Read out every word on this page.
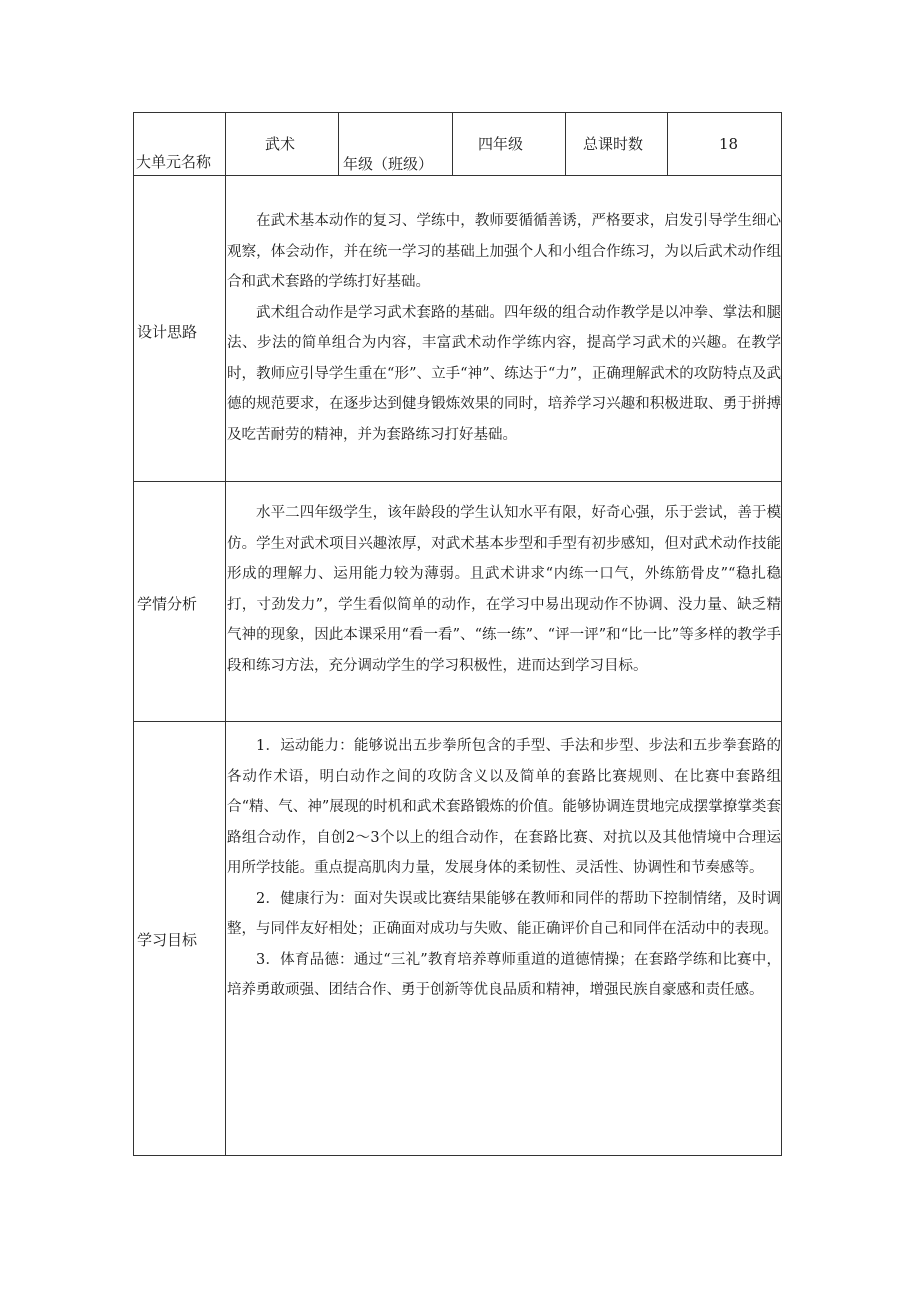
大单元名称
武术
年级（班级）
四年级	总课时数	18
设计思路

在武术基本动作的复习、学练中，教师要循循善诱，严格要求，启发引导学生细心观察，体会动作，并在统一学习的基础上加强个人和小组合作练习，为以后武术动作组合和武术套路的学练打好基础。

武术组合动作是学习武术套路的基础。四年级的组合动作教学是以冲拳、掌法和腿法、步法的简单组合为内容，丰富武术动作学练内容，提高学习武术的兴趣。在教学时，教师应引导学生重在“形”、立手“神”、练达于“力”，正确理解武术的攻防特点及武德的规范要求，在逐步达到健身锻炼效果的同时，培养学习兴趣和积极进取、勇于拼搏及吃苦耐劳的精神，并为套路练习打好基础。

学情分析

水平二四年级学生，该年龄段的学生认知水平有限，好奇心强，乐于尝试，善于模仿。学生对武术项目兴趣浓厚，对武术基本步型和手型有初步感知，但对武术动作技能形成的理解力、运用能力较为薄弱。且武术讲求“内练一口气，外练筋骨皮”“稳扎稳打，寸劲发力”，学生看似简单的动作，在学习中易出现动作不协调、没力量、缺乏精气神的现象，因此本课采用“看一看”、“练一练”、“评一评”和“比一比”等多样的教学手段和练习方法，充分调动学生的学习积极性，进而达到学习目标。

学习目标

1．运动能力：能够说出五步拳所包含的手型、手法和步型、步法和五步拳套路的各动作术语，明白动作之间的攻防含义以及简单的套路比赛规则、在比赛中套路组合“精、气、神”展现的时机和武术套路锻炼的价值。能够协调连贯地完成摆掌撩掌类套路组合动作，自创2～3个以上的组合动作，在套路比赛、对抗以及其他情境中合理运用所学技能。重点提高肌肉力量，发展身体的柔韧性、灵活性、协调性和节奏感等。

2．健康行为：面对失误或比赛结果能够在教师和同伴的帮助下控制情绪，及时调整，与同伴友好相处；正确面对成功与失败、能正确评价自己和同伴在活动中的表现。

3．体育品德：通过“三礼”教育培养尊师重道的道德情操；在套路学练和比赛中，培养勇敢顽强、团结合作、勇于创新等优良品质和精神，增强民族自豪感和责任感。
